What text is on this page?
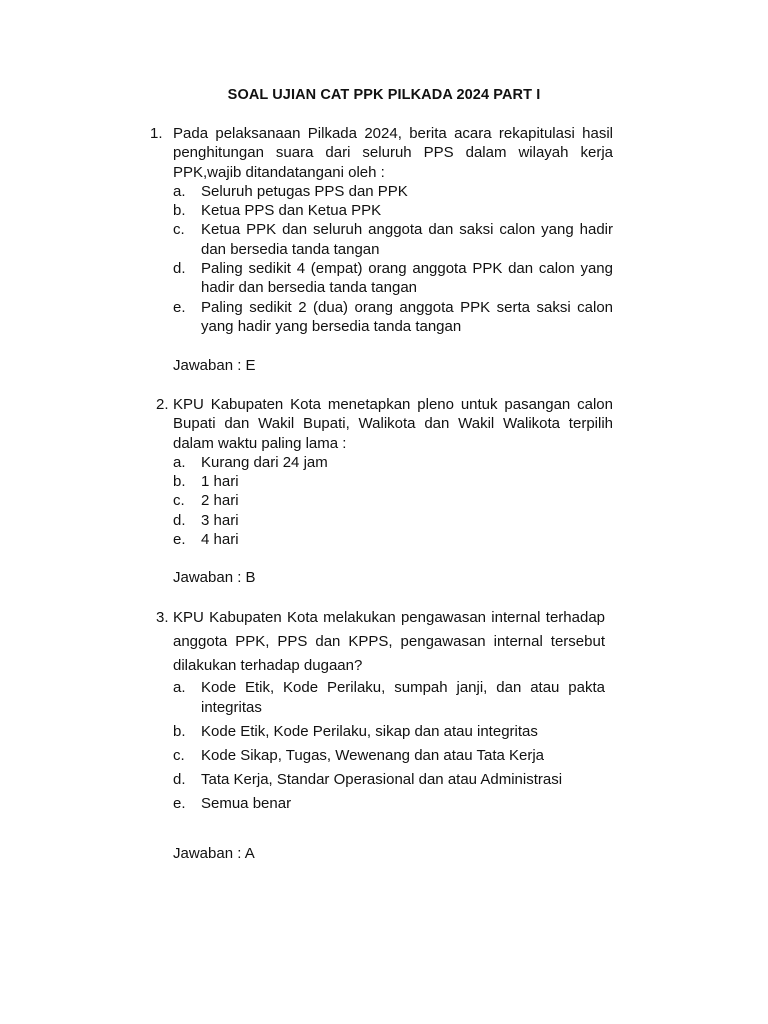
SOAL UJIAN CAT PPK PILKADA 2024 PART I
1. Pada pelaksanaan Pilkada 2024, berita acara rekapitulasi hasil penghitungan suara dari seluruh PPS dalam wilayah kerja PPK,wajib ditandatangani oleh :
a. Seluruh petugas PPS dan PPK
b. Ketua PPS dan Ketua PPK
c. Ketua PPK dan seluruh anggota dan saksi calon yang hadir dan bersedia tanda tangan
d. Paling sedikit 4 (empat) orang anggota PPK dan calon yang hadir dan bersedia tanda tangan
e. Paling sedikit 2 (dua) orang anggota PPK serta saksi calon yang hadir yang bersedia tanda tangan
Jawaban : E
2. KPU Kabupaten Kota menetapkan pleno untuk pasangan calon Bupati dan Wakil Bupati, Walikota dan Wakil Walikota terpilih dalam waktu paling lama :
a. Kurang dari 24 jam
b. 1 hari
c. 2 hari
d. 3 hari
e. 4 hari
Jawaban : B
3. KPU Kabupaten Kota melakukan pengawasan internal terhadap anggota PPK, PPS dan KPPS, pengawasan internal tersebut dilakukan terhadap dugaan?
a. Kode Etik, Kode Perilaku, sumpah janji, dan atau pakta integritas
b. Kode Etik, Kode Perilaku, sikap dan atau integritas
c. Kode Sikap, Tugas, Wewenang dan atau Tata Kerja
d. Tata Kerja, Standar Operasional dan atau Administrasi
e. Semua benar
Jawaban : A
